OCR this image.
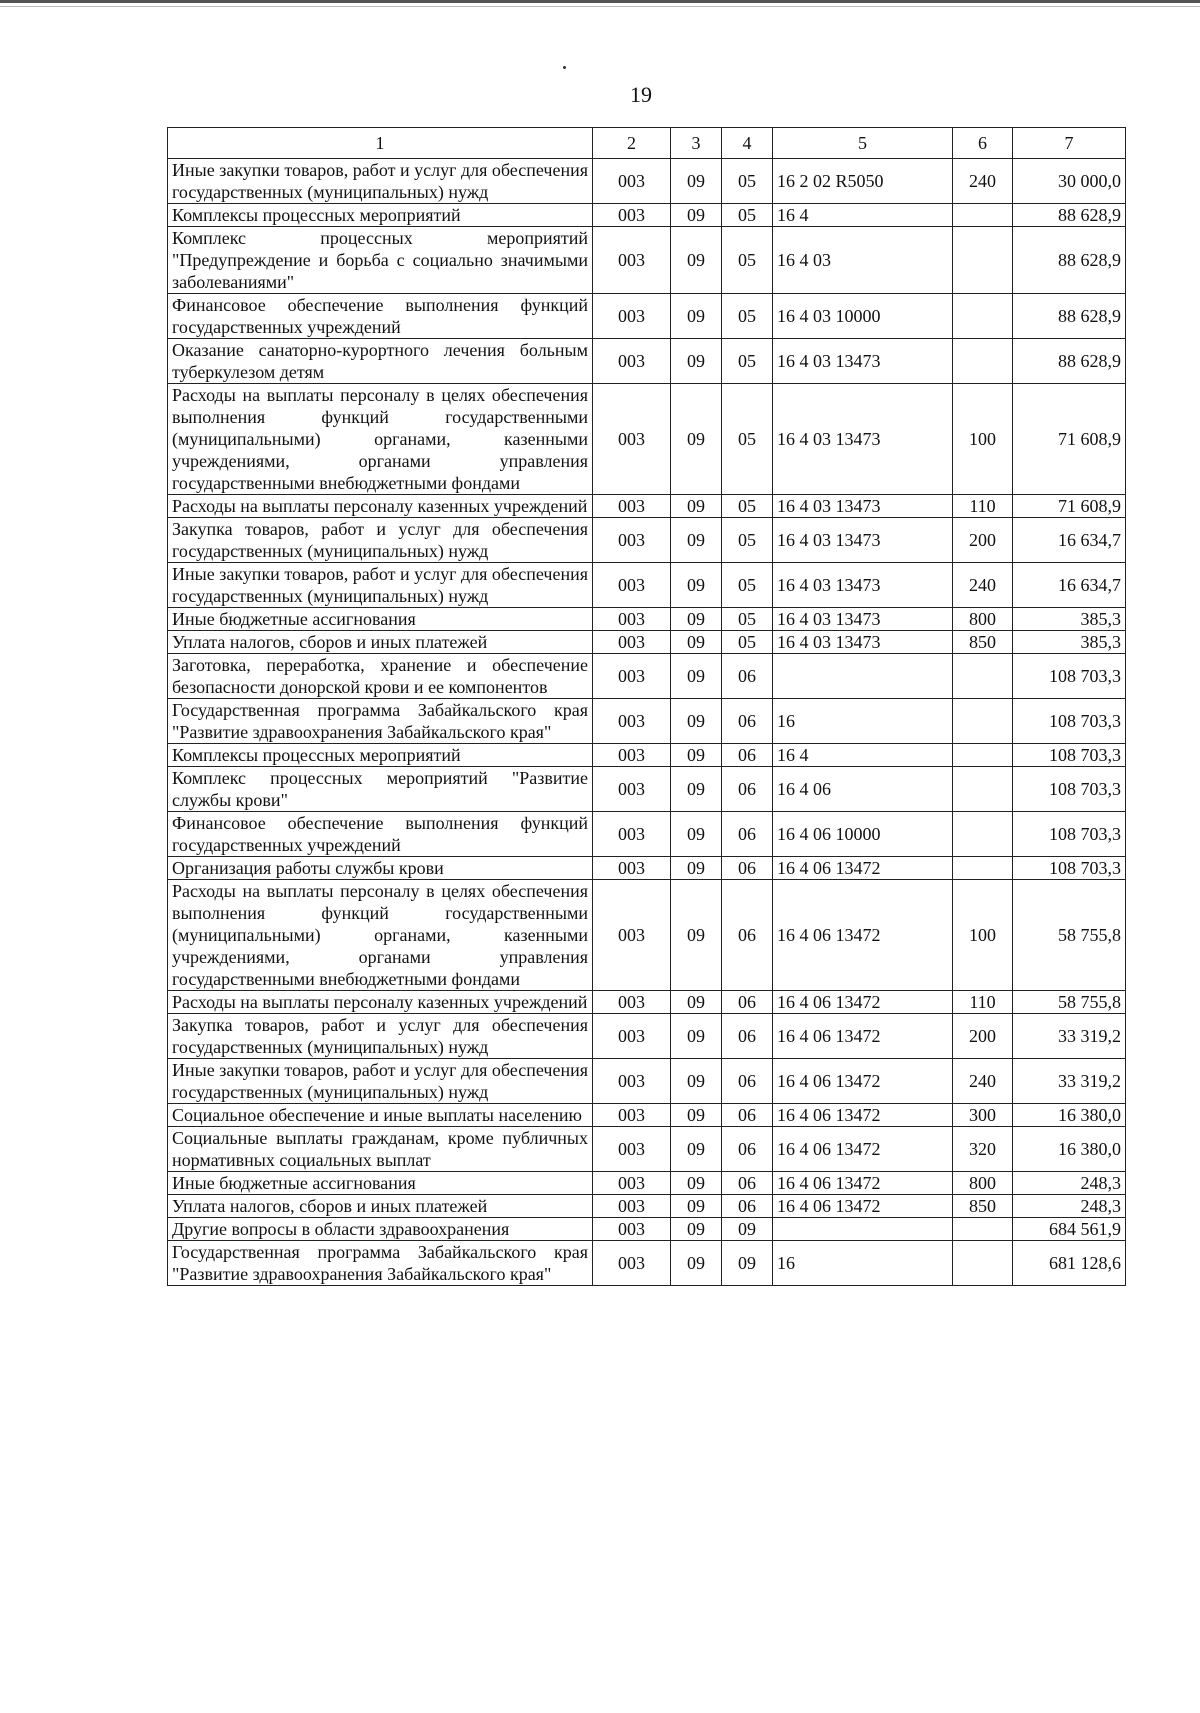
19
1	2	3	4	5	6	7
Иные закупки товаров, работ и услуг для обеспечения государственных (муниципальных) нужд	003	09	05	16 2 02 R5050	240	30 000,0
Комплексы процессных мероприятий	003	09	05	16 4		88 628,9
Комплекс процессных мероприятий "Предупреждение и борьба с социально значимыми заболеваниями"	003	09	05	16 4 03		88 628,9
Финансовое обеспечение выполнения функций государственных учреждений	003	09	05	16 4 03 10000		88 628,9
Оказание санаторно-курортного лечения больным туберкулезом детям	003	09	05	16 4 03 13473		88 628,9
Расходы на выплаты персоналу в целях обеспечения выполнения функций государственными (муниципальными) органами, казенными учреждениями, органами управления государственными внебюджетными фондами	003	09	05	16 4 03 13473	100	71 608,9
Расходы на выплаты персоналу казенных учреждений	003	09	05	16 4 03 13473	110	71 608,9
Закупка товаров, работ и услуг для обеспечения государственных (муниципальных) нужд	003	09	05	16 4 03 13473	200	16 634,7
Иные закупки товаров, работ и услуг для обеспечения государственных (муниципальных) нужд	003	09	05	16 4 03 13473	240	16 634,7
Иные бюджетные ассигнования	003	09	05	16 4 03 13473	800	385,3
Уплата налогов, сборов и иных платежей	003	09	05	16 4 03 13473	850	385,3
Заготовка, переработка, хранение и обеспечение безопасности донорской крови и ее компонентов	003	09	06			108 703,3
Государственная программа Забайкальского края "Развитие здравоохранения Забайкальского края"	003	09	06	16		108 703,3
Комплексы процессных мероприятий	003	09	06	16 4		108 703,3
Комплекс процессных мероприятий "Развитие службы крови"	003	09	06	16 4 06		108 703,3
Финансовое обеспечение выполнения функций государственных учреждений	003	09	06	16 4 06 10000		108 703,3
Организация работы службы крови	003	09	06	16 4 06 13472		108 703,3
Расходы на выплаты персоналу в целях обеспечения выполнения функций государственными (муниципальными) органами, казенными учреждениями, органами управления государственными внебюджетными фондами	003	09	06	16 4 06 13472	100	58 755,8
Расходы на выплаты персоналу казенных учреждений	003	09	06	16 4 06 13472	110	58 755,8
Закупка товаров, работ и услуг для обеспечения государственных (муниципальных) нужд	003	09	06	16 4 06 13472	200	33 319,2
Иные закупки товаров, работ и услуг для обеспечения государственных (муниципальных) нужд	003	09	06	16 4 06 13472	240	33 319,2
Социальное обеспечение и иные выплаты населению	003	09	06	16 4 06 13472	300	16 380,0
Социальные выплаты гражданам, кроме публичных нормативных социальных выплат	003	09	06	16 4 06 13472	320	16 380,0
Иные бюджетные ассигнования	003	09	06	16 4 06 13472	800	248,3
Уплата налогов, сборов и иных платежей	003	09	06	16 4 06 13472	850	248,3
Другие вопросы в области здравоохранения	003	09	09			684 561,9
Государственная программа Забайкальского края "Развитие здравоохранения Забайкальского края"	003	09	09	16		681 128,6
